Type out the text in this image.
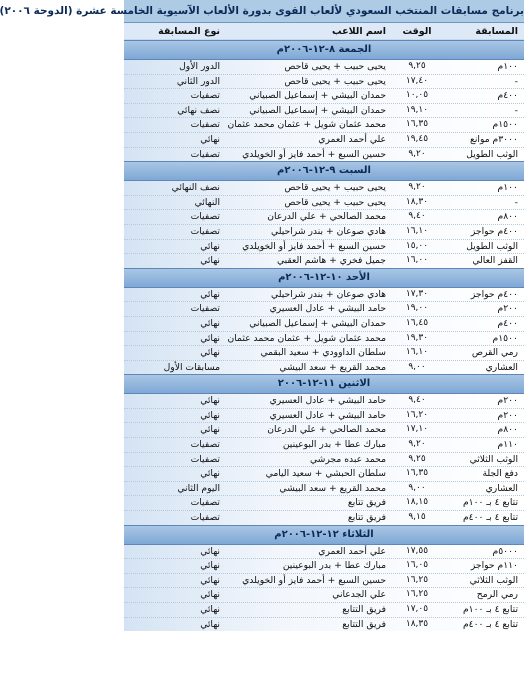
برنامج مسابقات المنتخب السعودي لألعاب القوى بدورة الألعاب الآسيوية الخامسة عشرة (الدوحة ٢٠٠٦
المسابقة
الوقت
اسم اللاعب
نوع المسابقة
الجمعة ٨-١٢-٢٠٠٦م
١٠٠م
٩,٢٥
يحيى حبيب + يحيى قاحص
الدور الأول
-
١٧,٤٠
يحيى حبيب + يحيى قاحص
الدور الثاني
٤٠٠م
١٠,٠٥
حمدان البيشي + إسماعيل الصبياني
تصفيات
-
١٩,١٠
حمدان البيشي + إسماعيل الصبياني
نصف نهائي
١٥٠٠م
١٦,٣٥
محمد عثمان شويل + عثمان محمد عثمان
تصفيات
٣٠٠٠م موانع
١٩,٤٥
علي أحمد العمري
نهائي
الوثب الطويل
٩,٢٠
حسين السبع + أحمد فايز أو الخويلدي
تصفيات
السبت ٩-١٢-٢٠٠٦م
١٠٠م
٩,٢٠
يحيى حبيب + يحيى قاحص
نصف النهائي
-
١٨,٣٠
يحيى حبيب + يحيى قاحص
النهائي
٨٠٠م
٩,٤٠
محمد الصالحي + علي الدرعان
تصفيات
٤٠٠م حواجز
١٦,١٠
هادي صوعان + بندر شراحيلي
تصفيات
الوثب الطويل
١٥,٠٠
حسين السبع + أحمد فايز أو الخويلدي
نهائي
القفز العالي
١٦,٠٠
جميل فخري + هاشم العقبي
نهائي
الأحد ١٠-١٢-٢٠٠٦م
٤٠٠م حواجز
١٧,٣٠
هادي صوعان + بندر شراحيلي
نهائي
٢٠٠م
١٩,٠٠
حامد البيشي + عادل العسيري
تصفيات
٤٠٠م
١٦,٤٥
حمدان البيشي + إسماعيل الصبياني
نهائي
١٥٠٠م
١٩,٣٠
محمد عثمان شويل + عثمان محمد عثمان
نهائي
رمي القرص
١٦,١٠
سلطان الداوودي + سعيد البقمي
نهائي
العشاري
٩,٠٠
محمد القريع + سعد البيشي
مسابقات الأول
الاثنين ١١-١٢-٢٠٠٦
٢٠٠م
٩,٤٠
حامد البيشي + عادل العسيري
نهائي
٢٠٠م
١٦,٢٠
حامد البيشي + عادل العسيري
نهائي
٨٠٠م
١٧,١٠
محمد الصالحي + علي الدرعان
نهائي
١١٠م
٩,٢٠
مبارك عطا + بدر البوعينين
تصفيات
الوثب الثلاثي
٩,٢٥
محمد عبده مجرشي
تصفيات
دفع الجلة
١٦,٣٥
سلطان الحبشي + سعيد اليامي
نهائي
العشاري
٩,٠٠
محمد القريع + سعد البيشي
اليوم الثاني
تتابع ٤ بـ ١٠٠م
١٨,١٥
فريق تتابع
تصفيات
تتابع ٤ بـ ٤٠٠م
٩,١٥
فريق تتابع
تصفيات
الثلاثاء ١٢-١٢-٢٠٠٦م
٥٠٠٠م
١٧,٥٥
علي أحمد العمري
نهائي
١١٠م حواجز
١٦,٠٥
مبارك عطا + بدر البوعينين
نهائي
الوثب الثلاثي
١٦,٢٥
حسين السبع + أحمد فايز أو الخويلدي
نهائي
رمي الرمح
١٦,٢٥
علي الجدعاني
نهائي
تتابع ٤ بـ ١٠٠م
١٧,٠٥
فريق التتابع
نهائي
تتابع ٤ بـ ٤٠٠م
١٨,٣٥
فريق التتابع
نهائي
